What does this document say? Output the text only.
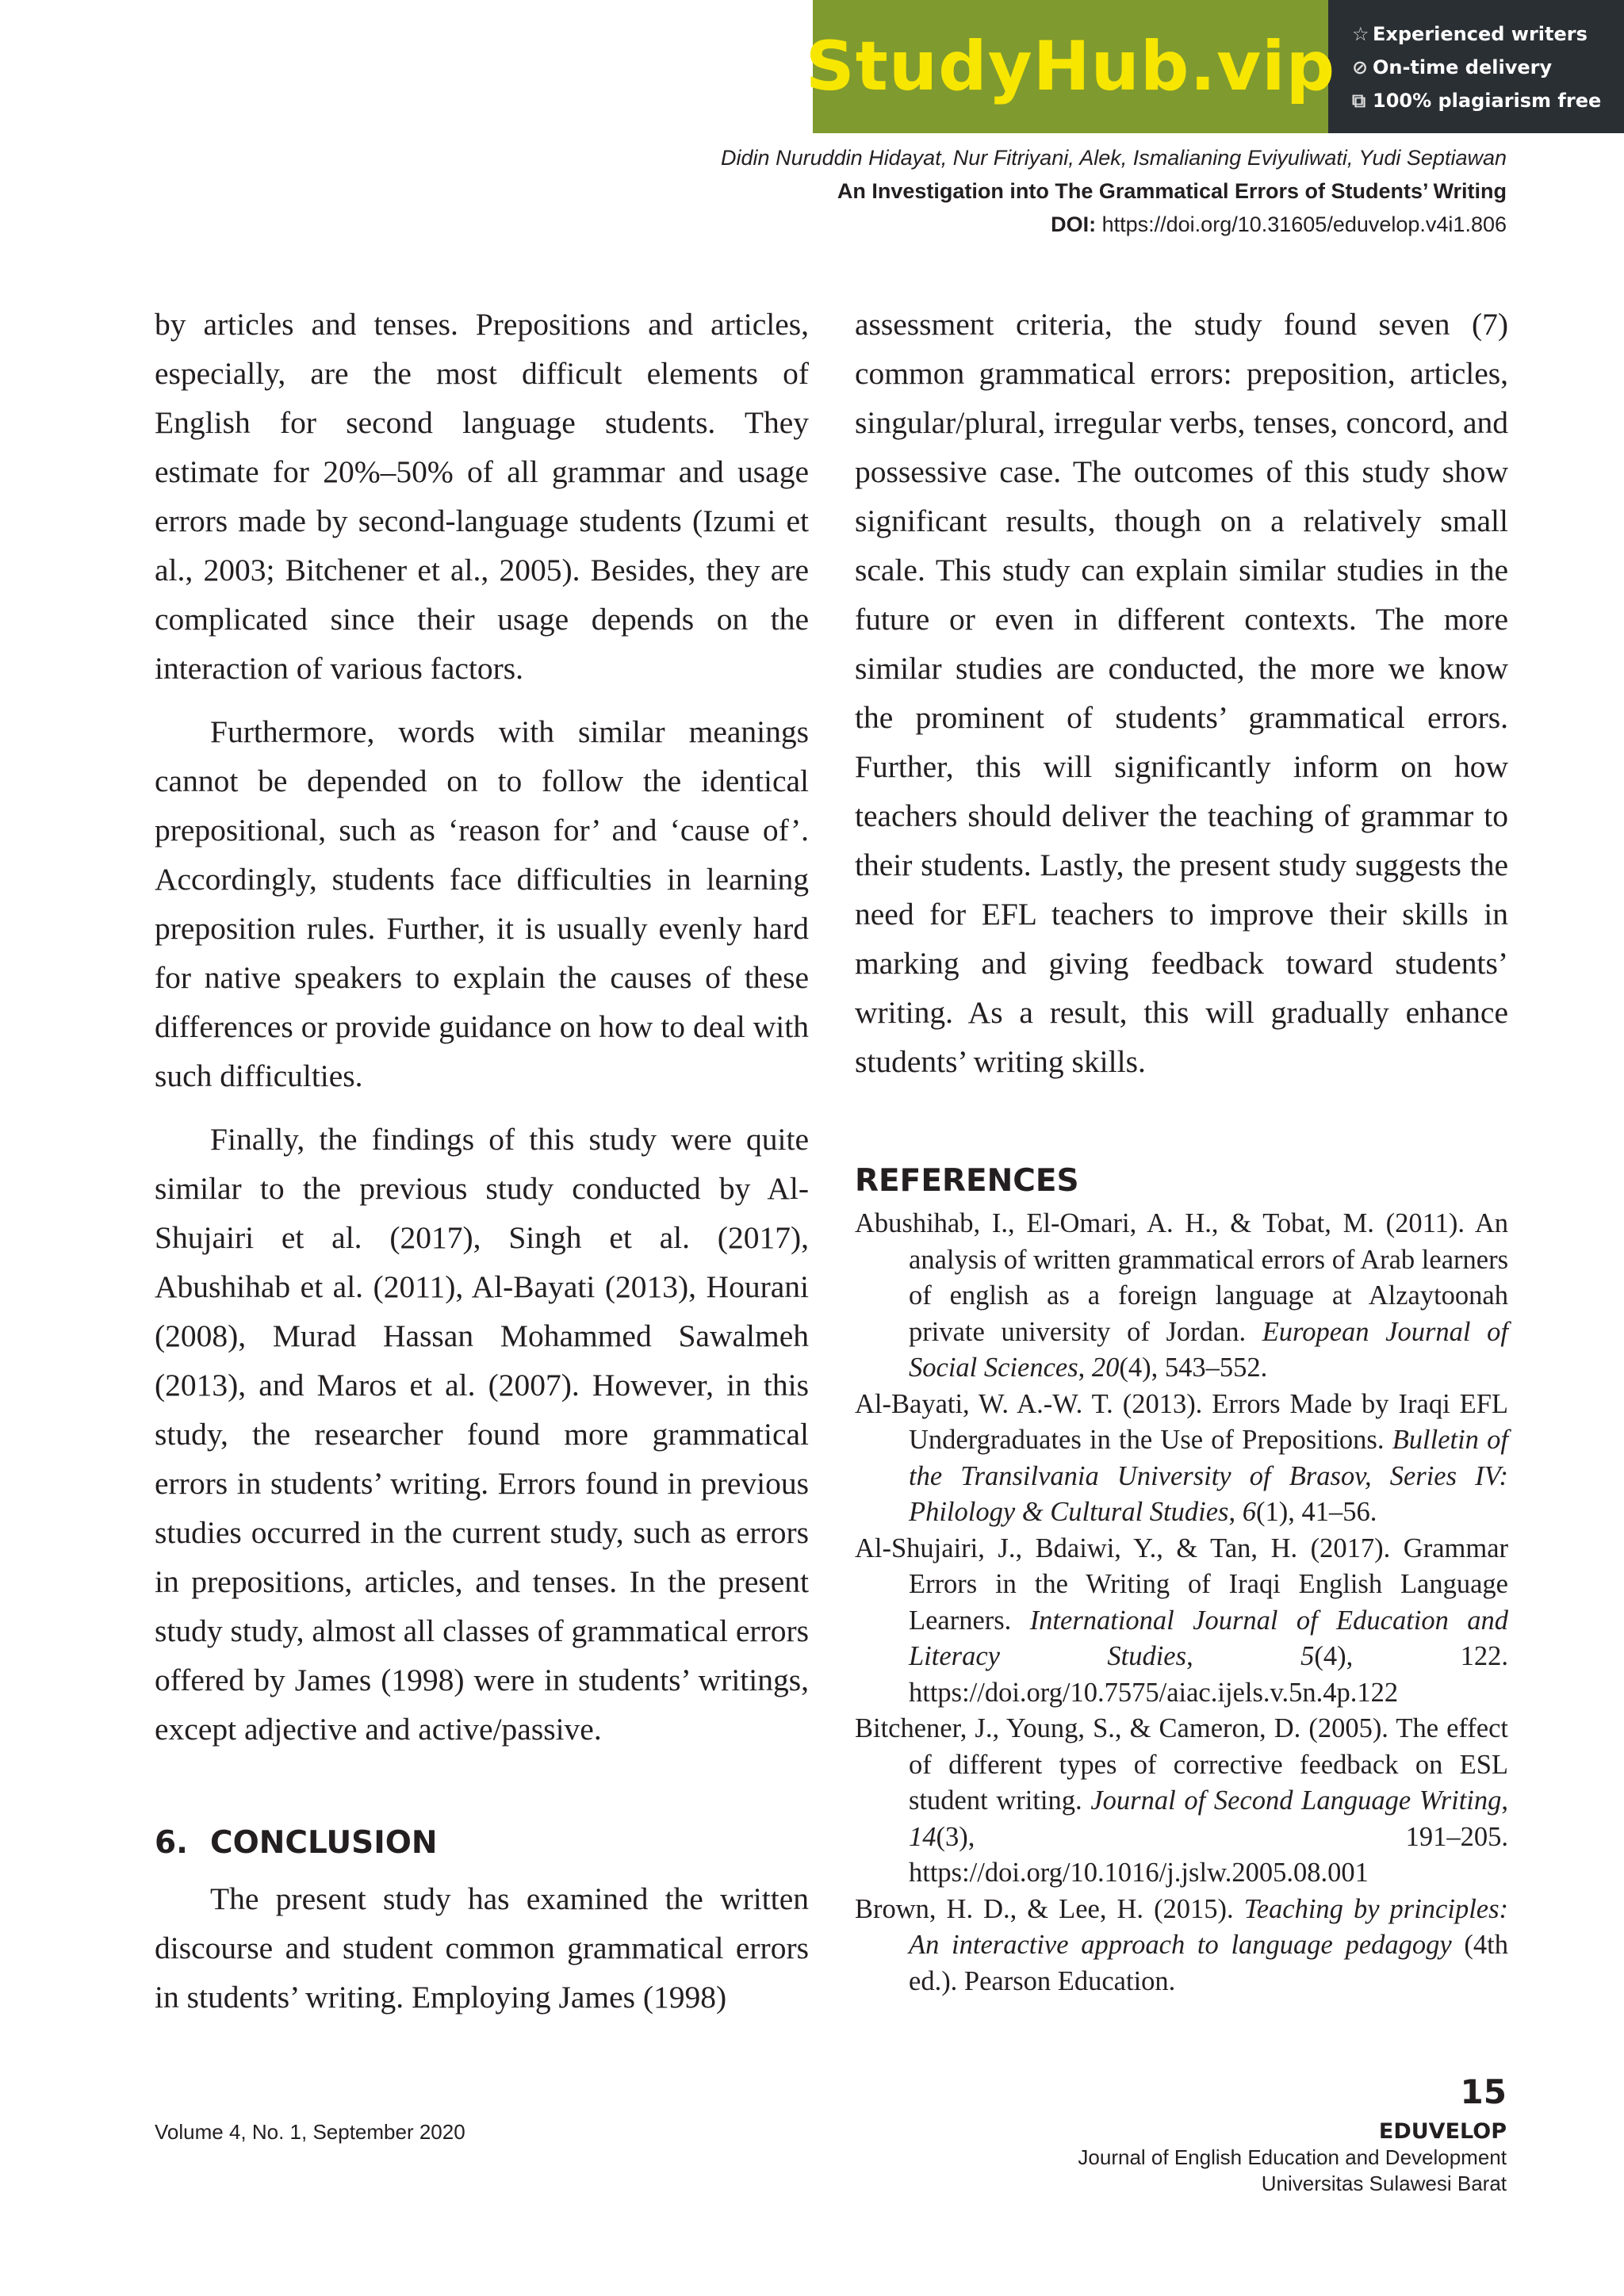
StudyHub.vip ☆ Experienced writers
⊘ On-time delivery
⧉ 100% plagiarism free
Didin Nuruddin Hidayat, Nur Fitriyani, Alek, Ismalianing Eviyuliwati, Yudi Septiawan
An Investigation into The Grammatical Errors of Students’ Writing
DOI: https://doi.org/10.31605/eduvelop.v4i1.806

by articles and tenses. Prepositions and articles, especially, are the most difficult elements of English for second language students. They estimate for 20%–50% of all grammar and usage errors made by second-language students (Izumi et al., 2003; Bitchener et al., 2005). Besides, they are complicated since their usage depends on the interaction of various factors.

Furthermore, words with similar meanings cannot be depended on to follow the identical prepositional, such as ‘reason for’ and ‘cause of’. Accordingly, students face difficulties in learning preposition rules. Further, it is usually evenly hard for native speakers to explain the causes of these differences or provide guidance on how to deal with such difficulties.

Finally, the findings of this study were quite similar to the previous study conducted by Al-Shujairi et al. (2017), Singh et al. (2017), Abushihab et al. (2011), Al-Bayati (2013), Hourani (2008), Murad Hassan Mohammed Sawalmeh (2013), and Maros et al. (2007). However, in this study, the researcher found more grammatical errors in students’ writing. Errors found in previous studies occurred in the current study, such as errors in prepositions, articles, and tenses. In the present study study, almost all classes of grammatical errors offered by James (1998) were in students’ writings, except adjective and active/passive.

6. CONCLUSION

The present study has examined the written discourse and student common grammatical errors in students’ writing. Employing James (1998)

assessment criteria, the study found seven (7) common grammatical errors: preposition, articles, singular/plural, irregular verbs, tenses, concord, and possessive case. The outcomes of this study show significant results, though on a relatively small scale. This study can explain similar studies in the future or even in different contexts. The more similar studies are conducted, the more we know the prominent of students’ grammatical errors. Further, this will significantly inform on how teachers should deliver the teaching of grammar to their students. Lastly, the present study suggests the need for EFL teachers to improve their skills in marking and giving feedback toward students’ writing. As a result, this will gradually enhance students’ writing skills.

REFERENCES

Abushihab, I., El-Omari, A. H., & Tobat, M. (2011). An analysis of written grammatical errors of Arab learners of english as a foreign language at Alzaytoonah private university of Jordan. European Journal of Social Sciences, 20(4), 543–552.

Al-Bayati, W. A.-W. T. (2013). Errors Made by Iraqi EFL Undergraduates in the Use of Prepositions. Bulletin of the Transilvania University of Brasov, Series IV: Philology & Cultural Studies, 6(1), 41–56.

Al-Shujairi, J., Bdaiwi, Y., & Tan, H. (2017). Grammar Errors in the Writing of Iraqi English Language Learners. International Journal of Education and Literacy Studies, 5(4), 122. https://doi.org/10.7575/aiac.ijels.v.5n.4p.122

Bitchener, J., Young, S., & Cameron, D. (2005). The effect of different types of corrective feedback on ESL student writing. Journal of Second Language Writing, 14(3), 191–205. https://doi.org/10.1016/j.jslw.2005.08.001

Brown, H. D., & Lee, H. (2015). Teaching by principles: An interactive approach to language pedagogy (4th ed.). Pearson Education.

15
Volume 4, No. 1, September 2020	EDUVELOP
Journal of English Education and Development
Universitas Sulawesi Barat
